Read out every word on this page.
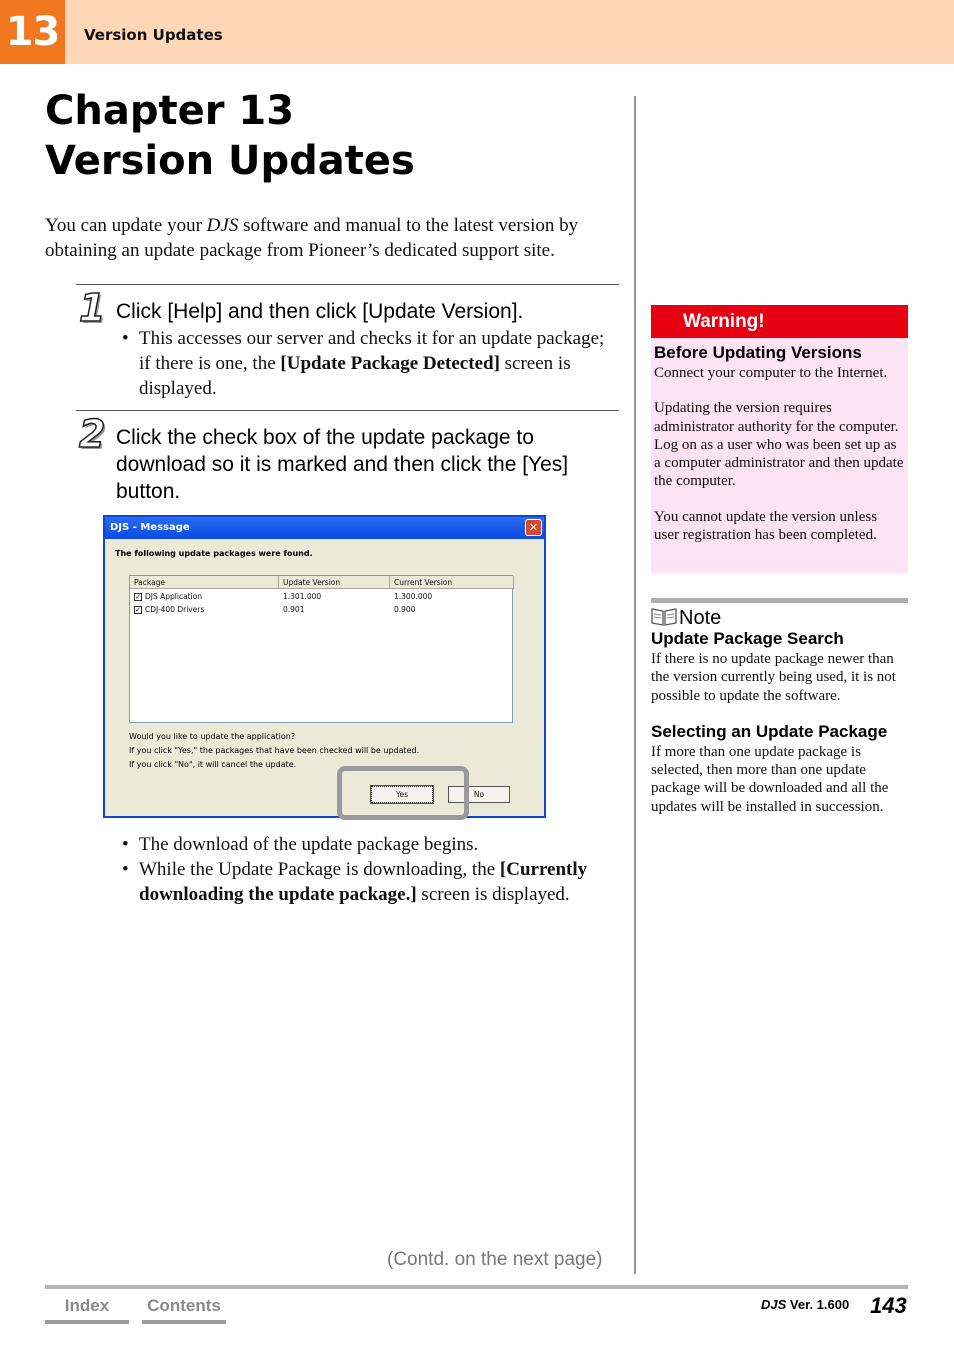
13	Version Updates
Chapter 13
Version Updates

You can update your DJS software and manual to the latest version by obtaining an update package from Pioneer’s dedicated support site.

1 Click [Help] and then click [Update Version].
• This accesses our server and checks it for an update package; if there is one, the [Update Package Detected] screen is displayed.
2 Click the check box of the update package to download so it is marked and then click the [Yes] button.
DJS - Message	✕
The following update packages were found.
Package	Update Version	Current Version
✓ DJS Application	1.301.000	1.300.000
✓ CDJ-400 Drivers	0.901	0.900
Would you like to update the application?
If you click "Yes," the packages that have been checked will be updated.
If you click "No", it will cancel the update.
Yes	No
• The download of the update package begins.
• While the Update Package is downloading, the [Currently downloading the update package.] screen is displayed.
Warning!
Before Updating Versions

Connect your computer to the Internet.

Updating the version requires administrator authority for the computer. Log on as a user who was been set up as a computer administrator and then update the computer.

You cannot update the version unless user registration has been completed.

Note
Update Package Search

If there is no update package newer than the version currently being used, it is not possible to update the software.

Selecting an Update Package

If more than one update package is selected, then more than one update package will be downloaded and all the updates will be installed in succession.

(Contd. on the next page)
Index	Contents	DJS Ver. 1.600 143
